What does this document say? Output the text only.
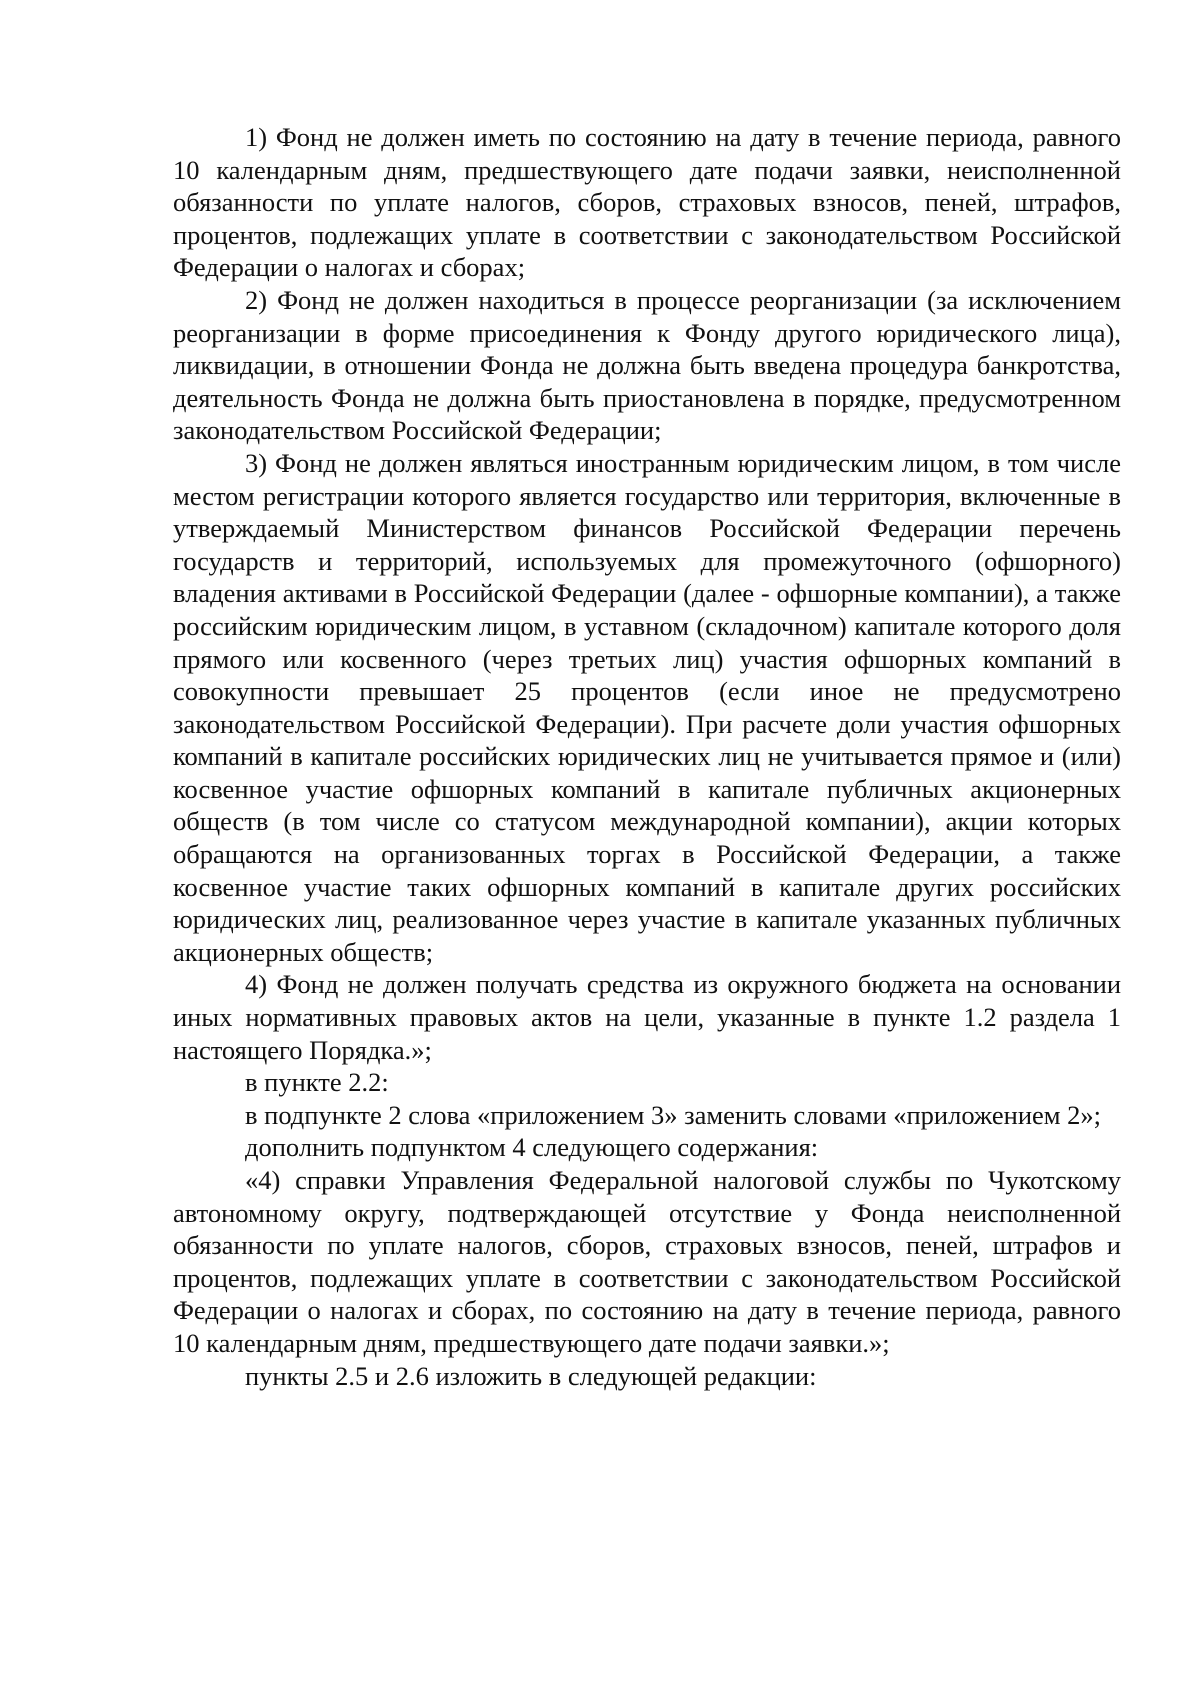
1) Фонд не должен иметь по состоянию на дату в течение периода, равного 10 календарным дням, предшествующего дате подачи заявки, неисполненной обязанности по уплате налогов, сборов, страховых взносов, пеней, штрафов, процентов, подлежащих уплате в соответствии с законодательством Российской Федерации о налогах и сборах;

2) Фонд не должен находиться в процессе реорганизации (за исключением реорганизации в форме присоединения к Фонду другого юридического лица), ликвидации, в отношении Фонда не должна быть введена процедура банкротства, деятельность Фонда не должна быть приостановлена в порядке, предусмотренном законодательством Российской Федерации;

3) Фонд не должен являться иностранным юридическим лицом, в том числе местом регистрации которого является государство или территория, включенные в утверждаемый Министерством финансов Российской Федерации перечень государств и территорий, используемых для промежуточного (офшорного) владения активами в Российской Федерации (далее - офшорные компании), а также российским юридическим лицом, в уставном (складочном) капитале которого доля прямого или косвенного (через третьих лиц) участия офшорных компаний в совокупности превышает 25 процентов (если иное не предусмотрено законодательством Российской Федерации). При расчете доли участия офшорных компаний в капитале российских юридических лиц не учитывается прямое и (или) косвенное участие офшорных компаний в капитале публичных акционерных обществ (в том числе со статусом международной компании), акции которых обращаются на организованных торгах в Российской Федерации, а также косвенное участие таких офшорных компаний в капитале других российских юридических лиц, реализованное через участие в капитале указанных публичных акционерных обществ;

4) Фонд не должен получать средства из окружного бюджета на основании иных нормативных правовых актов на цели, указанные в пункте 1.2 раздела 1 настоящего Порядка.»;

в пункте 2.2:

в подпункте 2 слова «приложением 3» заменить словами «приложением 2»;

дополнить подпунктом 4 следующего содержания:

«4) справки Управления Федеральной налоговой службы по Чукотскому автономному округу, подтверждающей отсутствие у Фонда неисполненной обязанности по уплате налогов, сборов, страховых взносов, пеней, штрафов и процентов, подлежащих уплате в соответствии с законодательством Российской Федерации о налогах и сборах, по состоянию на дату в течение периода, равного 10 календарным дням, предшествующего дате подачи заявки.»;

пункты 2.5 и 2.6 изложить в следующей редакции:
